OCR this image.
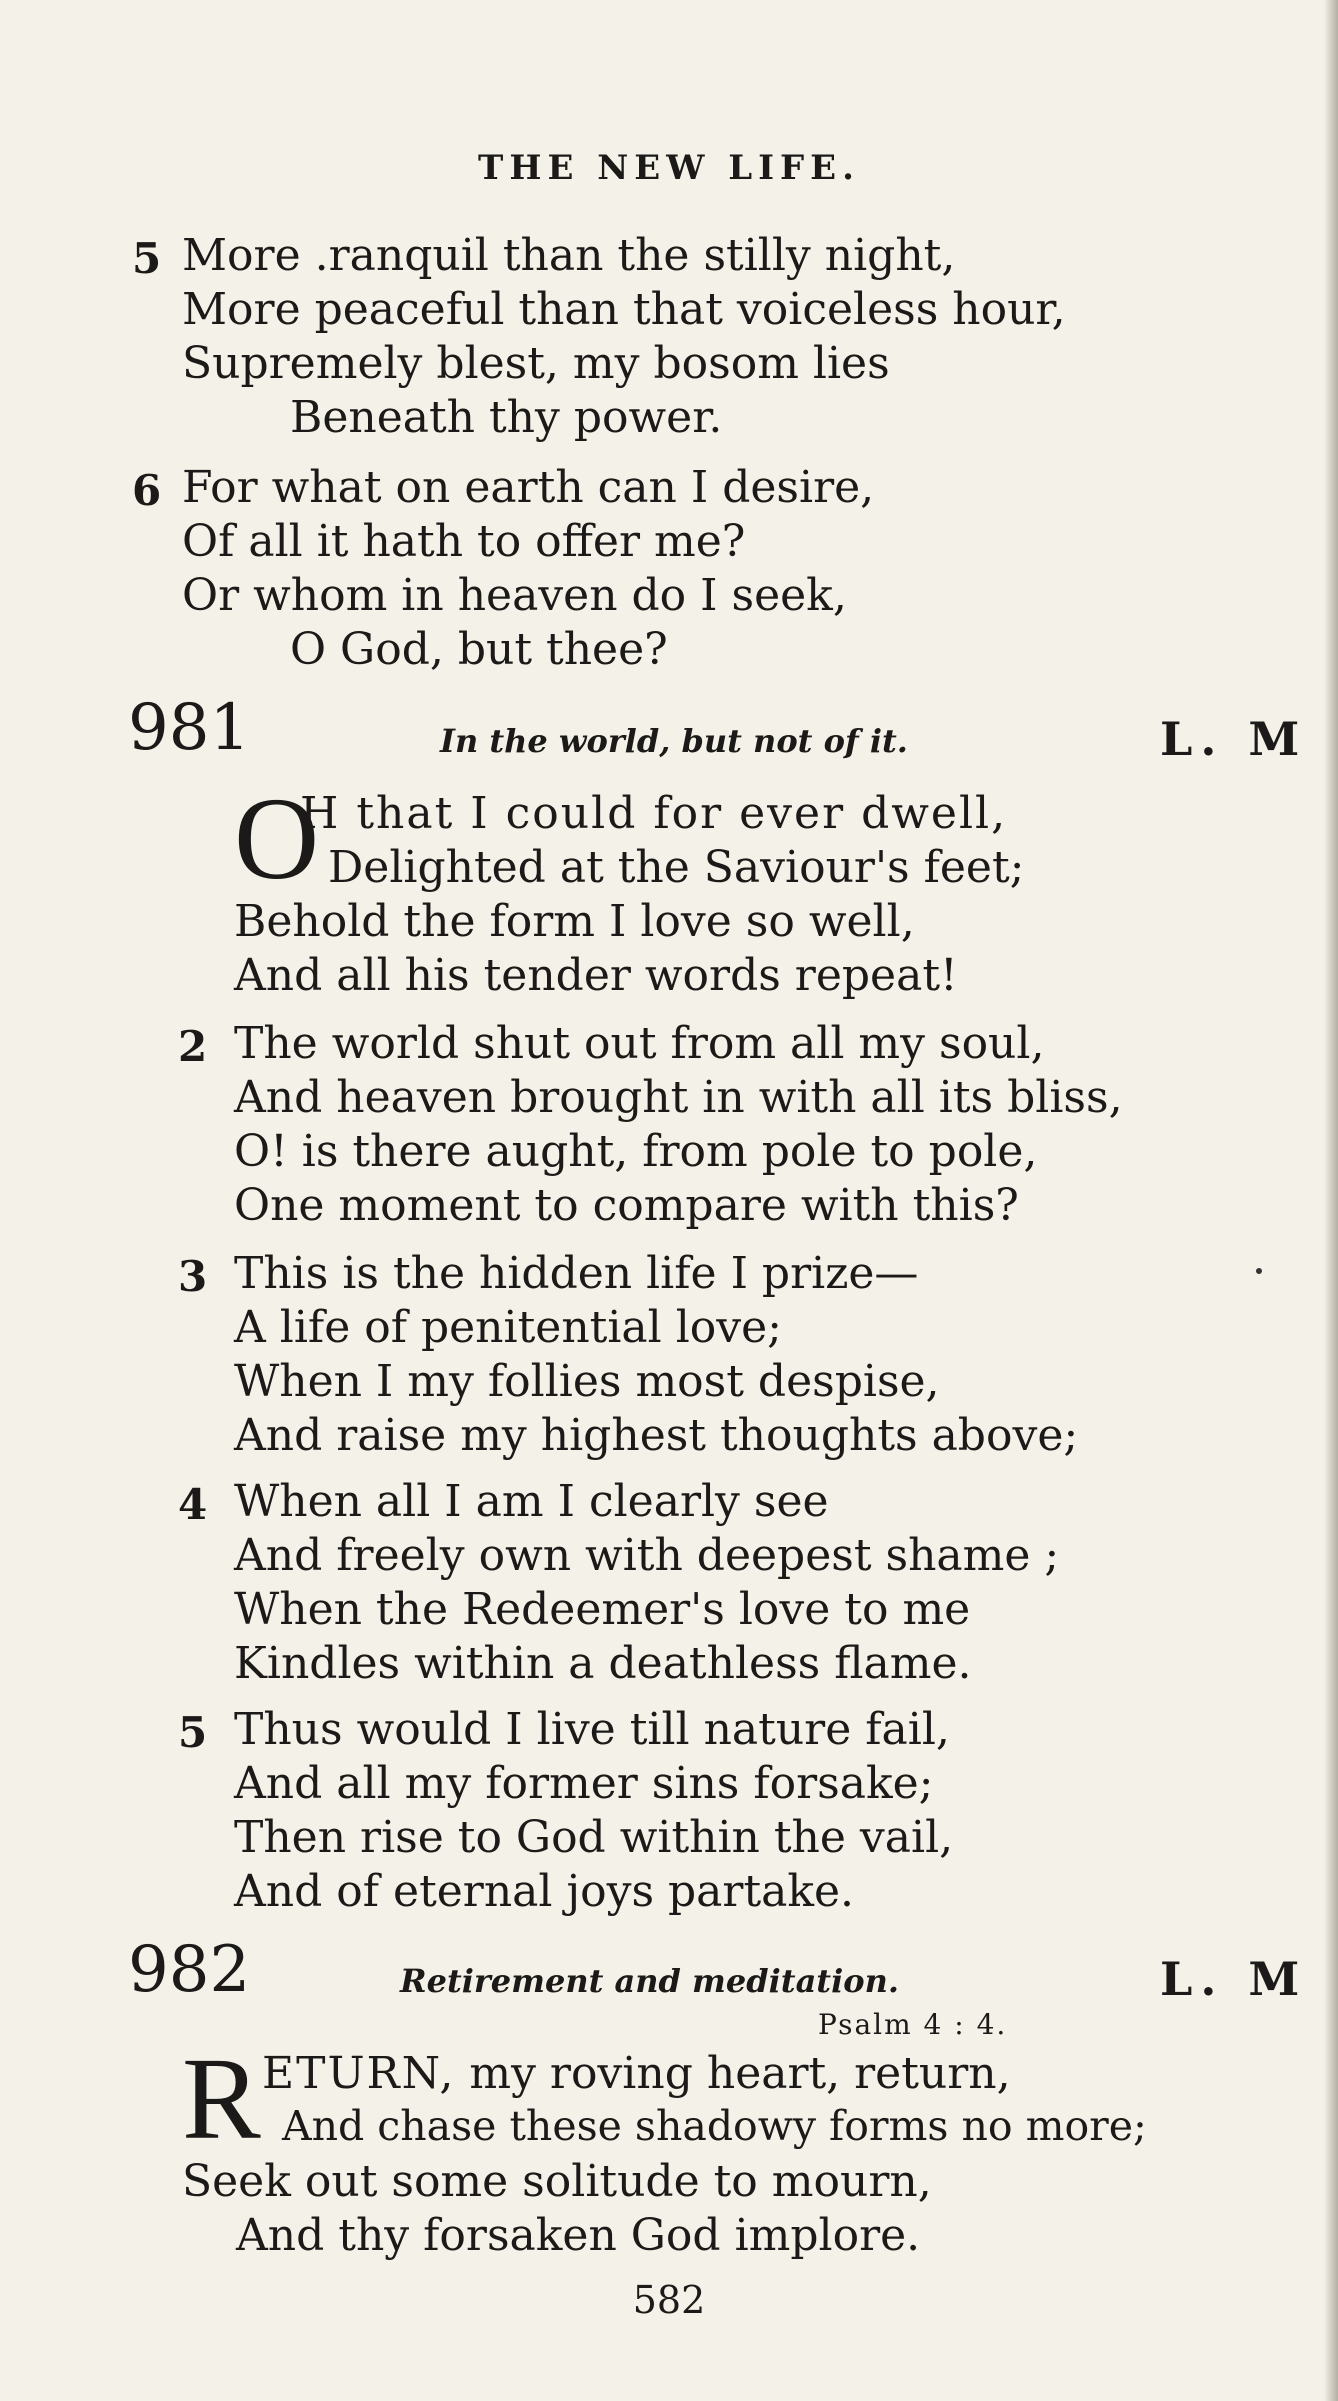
THE NEW LIFE.
5 More .ranquil than the stilly night,
More peaceful than that voiceless hour,
Supremely blest, my bosom lies
Beneath thy power.
6 For what on earth can I desire,
Of all it hath to offer me?
Or whom in heaven do I seek,
O God, but thee?
981	In the world, but not of it.	L. M
O
H that I could for ever dwell,
Delighted at the Saviour's feet;
Behold the form I love so well,
And all his tender words repeat!
2 The world shut out from all my soul,
And heaven brought in with all its bliss,
O! is there aught, from pole to pole,
One moment to compare with this?
3 This is the hidden life I prize—
A life of penitential love;
When I my follies most despise,
And raise my highest thoughts above;
4 When all I am I clearly see
And freely own with deepest shame ;
When the Redeemer's love to me
Kindles within a deathless flame.
5 Thus would I live till nature fail,
And all my former sins forsake;
Then rise to God within the vail,
And of eternal joys partake.
982	Retirement and meditation.	L. M
Psalm 4 : 4.
R ETURN, my roving heart, return,
And chase these shadowy forms no more;
Seek out some solitude to mourn,
And thy forsaken God implore.
582
